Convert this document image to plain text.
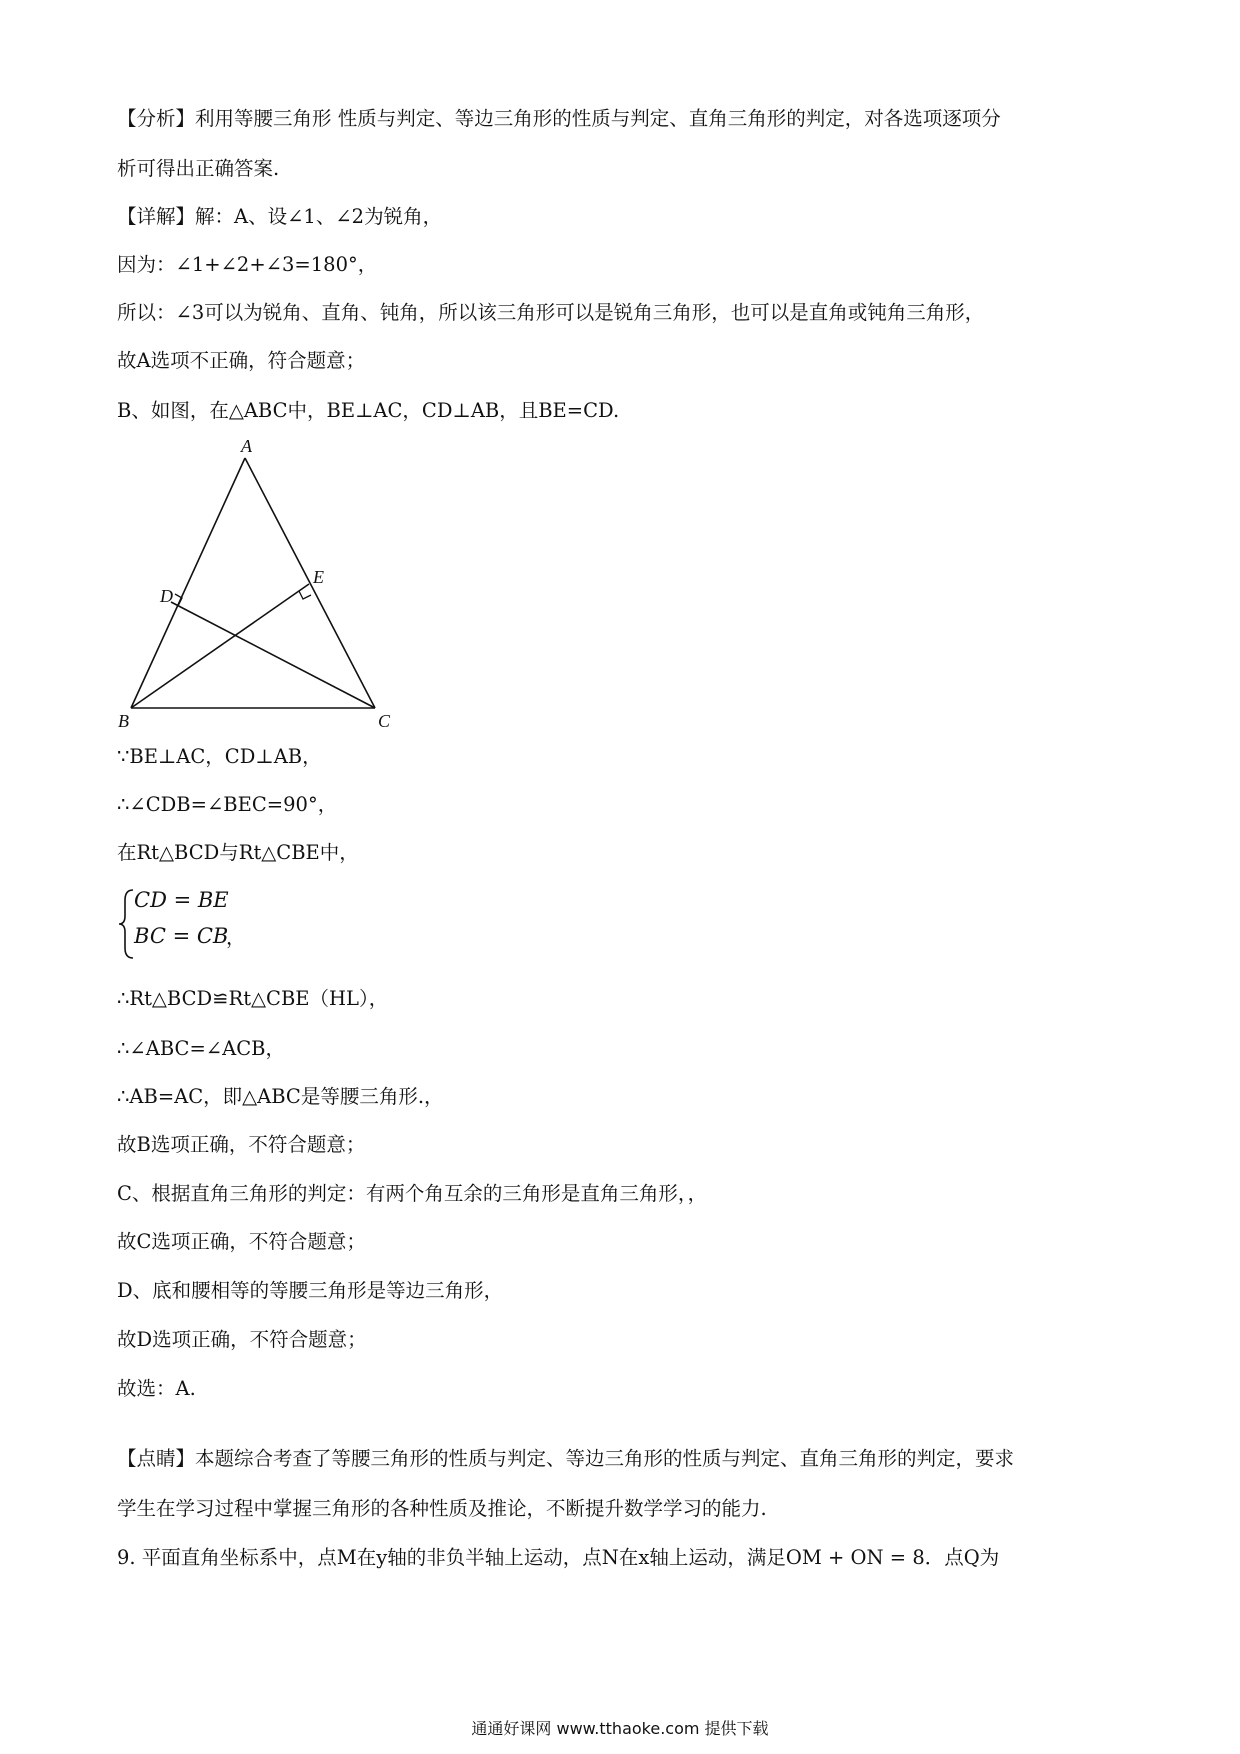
【分析】利用等腰三角形 性质与判定、等边三角形的性质与判定、直角三角形的判定，对各选项逐项分
析可得出正确答案.
【详解】解：A、设∠1、∠2为锐角，
因为：∠1+∠2+∠3=180°，
所以：∠3可以为锐角、直角、钝角，所以该三角形可以是锐角三角形，也可以是直角或钝角三角形，
故A选项不正确，符合题意；
B、如图，在△ABC中，BE⊥AC，CD⊥AB，且BE=CD.
A
B	C
D
E
∵BE⊥AC，CD⊥AB，
∴∠CDB=∠BEC=90°，
在Rt△BCD与Rt△CBE中，
CD = BE
BC = CB
，
∴Rt△BCD≌Rt△CBE（HL），
∴∠ABC=∠ACB，
∴AB=AC，即△ABC是等腰三角形.，
故B选项正确，不符合题意；
C、根据直角三角形的判定：有两个角互余的三角形是直角三角形，，
故C选项正确，不符合题意；
D、底和腰相等的等腰三角形是等边三角形，
故D选项正确，不符合题意；
故选：A.
【点睛】本题综合考查了等腰三角形的性质与判定、等边三角形的性质与判定、直角三角形的判定，要求
学生在学习过程中掌握三角形的各种性质及推论，不断提升数学学习的能力.
9. 平面直角坐标系中，点M在y轴的非负半轴上运动，点N在x轴上运动，满足OM + ON = 8．点Q为
通通好课网 www.tthaoke.com 提供下载
